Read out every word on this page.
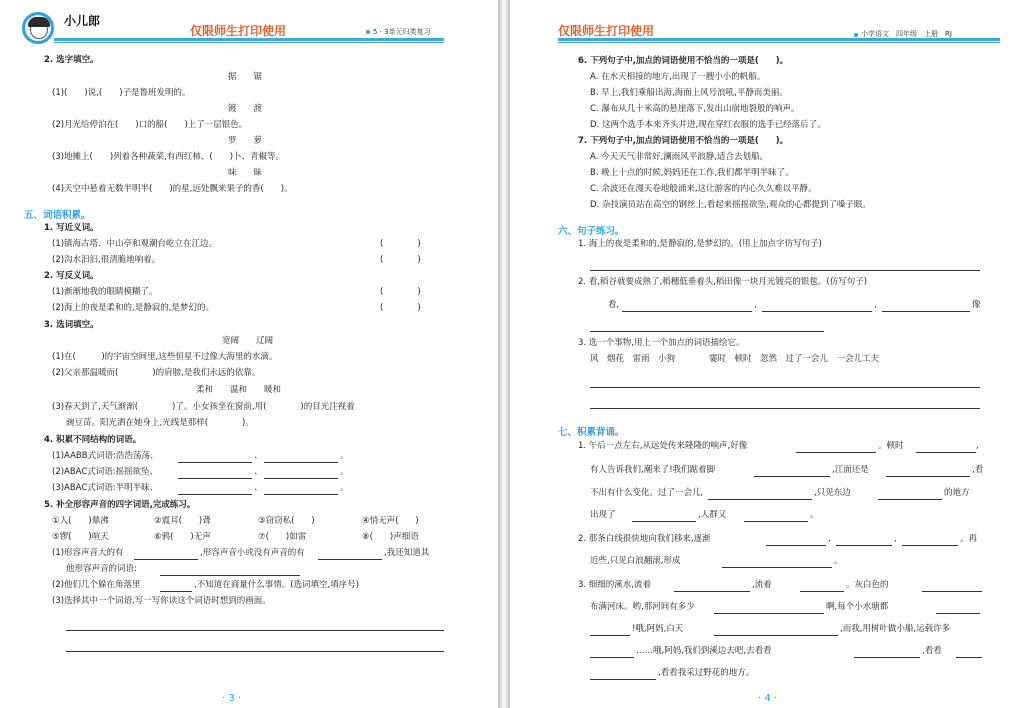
小儿郎
仅限师生打印使用	5 · 3单元归类复习
2. 选字填空。
据　　锯
(1)(　　)说,(　　)子是鲁班发明的。
镀　　渡
(2)月光给停泊在(　　)口的船(　　)上了一层银色。
罗　　萝
(3)地摊上(　　)列着各种蔬菜,有西红柿、(　　)卜、青椒等。
味　　昧
(4)天空中悬着无数半明半(　　)的星,远处飘来果子的香(　　)。
五、词语积累。
1. 写近义词。
(1)镇海古塔、中山亭和观潮台屹立在江边。	(　　　　)
(2)沟水汩汩,很清脆地响着。	(　　　　)
2. 写反义词。
(1)渐渐地我的眼睛模糊了。	(　　　　)
(2)海上的夜是柔和的,是静寂的,是梦幻的。	(　　　　)
3. 选词填空。
宽阔　　辽阔
(1)在(　　　)的宇宙空间里,这些恒星不过像大海里的水滴。
(2)父亲那温暖而(　　　　)的肩膀,是我们永远的依靠。
柔和　　温和　　暖和
(3)春天到了,天气渐渐(　　　　)了。小女孩坐在窗前,用(　　　　)的目光注视着
豌豆苗。阳光洒在她身上,光线是那样(　　　　)。
4. 积累不同结构的词语。
(1)AABB式词语:浩浩荡荡、	、	。
(2)ABAC式词语:摇摇欲坠、	、	。
(3)ABAC式词语:半明半昧、	、	。
5. 补全形容声音的四字词语,完成练习。
①人(　　)鼎沸	②震耳(　　)聋	③窃窃私(　　)	④悄无声(　　)
⑤锣(　　)喧天	⑥鸦(　　)无声	⑦(　　)如雷	⑧(　　)声细语
(1)形容声音大的有	,形容声音小或没有声音的有	,我还知道其
他形容声音的词语:
(2)他们几个躲在角落里	,不知道在商量什么事情。(选词填空,填序号)
(3)选择其中一个词语,写一写你读这个词语时想到的画面。
· 3 ·
仅限师生打印使用	小学语文　四年级　上册　RJ
6. 下列句子中,加点的词语使用不恰当的一项是(　　)。
A. 在水天相接的地方,出现了一艘小小的帆船。
B. 早上,我们乘船出海,海面上风号浪吼,平静而美丽。
C. 瀑布从几十米高的悬崖落下,发出山崩地裂般的响声。
D. 这两个选手本来齐头并进,现在穿红衣服的选手已经落后了。
7. 下列句子中,加点的词语使用不恰当的一项是(　　)。
A. 今天天气非常好,澜雨风平浪静,适合去划船。
B. 晚上十点的时候,妈妈还在工作,我们都半明半昧了。
C. 余波还在漫天卷地般涌来,这让游客的内心久久难以平静。
D. 杂技演员站在高空的钢丝上,看起来摇摇欲坠,观众的心都提到了嗓子眼。
六、句子练习。
1. 海上的夜是柔和的,是静寂的,是梦幻的。(用上加点字仿写句子)
2. 看,稻谷就要成熟了,稻穗低垂着头,稻田像一块月光镀亮的银毯。(仿写句子)
看,	,	,	像
3. 选一个事物,用上一个加点的词语描绘它。
风　烟花　雷雨　小狗　　　　霎时　顿时　忽然　过了一会儿　一会儿工夫
七、积累背诵。
1. 午后一点左右,从远处传来隆隆的响声,好像	。顿时	,
有人告诉我们,潮来了!我们踮着脚	,江面还是	,看
不出有什么变化。过了一会儿,	,只见东边	的地方
出现了	,人群又	。
2. 那条白线很快地向我们移来,逐渐	,	,	。再
近些,只见白浪翻滚,形成	。
3. 细细的溪水,流着	,流着	。灰白色的
布满河床。哟,那河间有多少	啊,每个小水塘都
!哦,阿妈,白天	,而我,用树叶做小船,运载许多
……哦,阿妈,我们到溪边去吧,去看看	,看看
,看看我采过野花的地方。
· 4 ·
